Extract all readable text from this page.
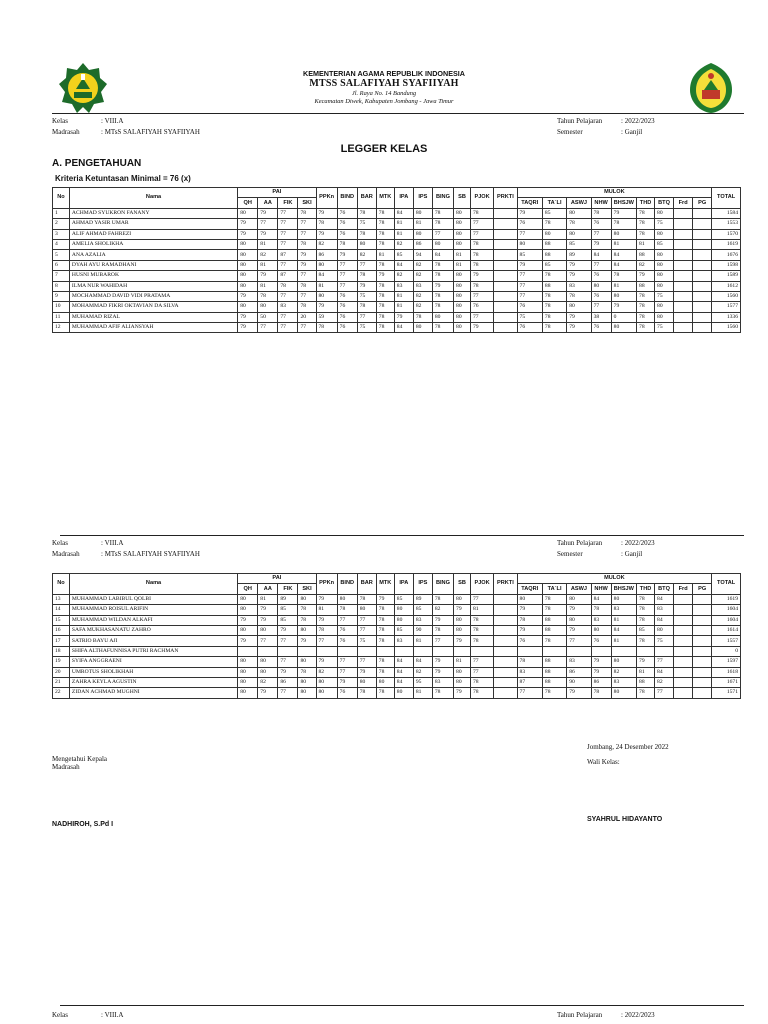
KEMENTERIAN AGAMA REPUBLIK INDONESIA
MTSS SALAFIYAH SYAFIIYAH
Jl. Raya No. 14 Bandung
Kecamatan Diwek, Kabupaten Jombang - Jawa Timur
Kelas	: VIII.A
Madrasah	: MTsS SALAFIYAH SYAFIIYAH
Tahun Pelajaran	: 2022/2023
Semester	: Ganjil
LEGGER KELAS
A. PENGETAHUAN
Kriteria Ketuntasan Minimal = 76 (x)
No	Nama	PAI				PPKn	BIND	BAR	MTK	IPA	IPS	BING	SB	PJOK	PRKTI	MULOK									TOTAL
		QH	AA	FIK	SKI											TAQRI	TA`LI	ASWJ	NHW	BHSJW	THD	BTQ	Frd	PG	
1	ACHMAD SYUKRON FANANY	80	79	77	78	79	76	78	78	84	80	78	80	78		79	85	80	78	79	78	80			1584
2	AHMAD YASIR UMAR	79	77	77	77	78	76	75	78	81	81	78	80	77		76	78	78	76	78	78	75			1553
3	ALIF AHMAD FAHREZI	79	79	77	77	79	76	78	78	81	80	77	80	77		77	80	80	77	80	78	80			1570
4	AMELIA SHOLIKHA	80	81	77	78	82	78	80	78	82	86	80	80	78		80	88	85	79	81	81	85			1619
5	ANA AZALIA	80	82	87	79	86	79	82	81	85	94	84	81	78		85	88	89	84	84	88	80			1676
6	DYAH AYU RAMADHANI	80	81	77	79	80	77	77	78	84	82	78	81	78		79	85	79	77	84	82	80			1598
7	HUSNI MUBAROK	80	79	87	77	84	77	78	79	82	82	78	80	79		77	78	79	76	78	79	80			1589
8	ILMA NUR WAHIDAH	80	81	78	78	81	77	79	78	83	83	79	80	78		77	88	83	80	81	88	80			1612
9	MOCHAMMAD DAVID VIDI PRATAMA	79	78	77	77	80	76	75	78	81	82	78	80	77		77	78	78	76	80	78	75			1560
10	MOHAMMAD FIKRI OKTAVIAN DA SILVA	80	80	83	78	79	76	78	78	81	82	78	80	76		76	78	80	77	79	78	80			1577
11	MUHAMAD RIZAL	79	50	77	20	59	76	77	78	79	78	80	80	77		75	78	79	38	0	78	80			1336
12	MUHAMMAD AFIF ALIANSYAH	79	77	77	77	78	76	75	78	84	80	78	80	79		76	78	79	76	80	78	75			1560
Kelas	: VIII.A
Madrasah	: MTsS SALAFIYAH SYAFIIYAH
Tahun Pelajaran	: 2022/2023
Semester	: Ganjil
No	Nama	PAI				PPKn	BIND	BAR	MTK	IPA	IPS	BING	SB	PJOK	PRKTI	MULOK									TOTAL
		QH	AA	FIK	SKI											TAQRI	TA`LI	ASWJ	NHW	BHSJW	THD	BTQ	Frd	PG	
13	MUHAMMAD LABIBUL QOLBI	80	81	89	80	79	80	78	79	85	89	78	80	77		80	78	80	84	80	78	84			1619
14	MUHAMMAD ROISUL ARIFIN	80	79	85	78	81	78	80	78	80	85	82	79	81		79	78	79	78	83	78	83			1604
15	MUHAMMAD WILDAN ALKAFI	79	79	85	78	79	77	77	78	80	83	79	80	78		78	88	80	83	81	78	84			1604
16	SAFA MUKHASANATU ZAHRO	80	80	79	80	78	76	77	78	85	90	78	80	78		79	88	79	80	84	85	80			1614
17	SATRIO BAYU AJI	79	77	77	79	77	76	75	78	83	81	77	79	78		76	78	77	76	81	78	75			1557
18	SHIFA ALTHAFUNNISA PUTRI RACHMAN																								0
19	SYIFA ANGGRAENI	80	80	77	80	79	77	77	78	84	84	79	81	77		78	88	83	79	80	79	77			1597
20	UMROTUS SHOLIKHAH	80	80	79	78	82	77	79	78	84	82	79	80	77		83	88	86	79	82	81	84			1618
21	ZAHRA KEYLA AGUSTIN	80	82	86	80	80	79	80	80	84	95	83	80	78		87	88	90	86	83	88	82			1671
22	ZIDAN ACHMAD MUGHNI	80	79	77	80	80	76	78	78	80	81	78	79	78		77	78	79	78	80	78	77			1571
Jombang, 24 Desember 2022
Wali Kelas:
Mengetahui Kepala
Madrasah
NADHIROH, S.Pd I
SYAHRUL HIDAYANTO
Kelas	: VIII.A	Tahun Pelajaran	: 2022/2023
